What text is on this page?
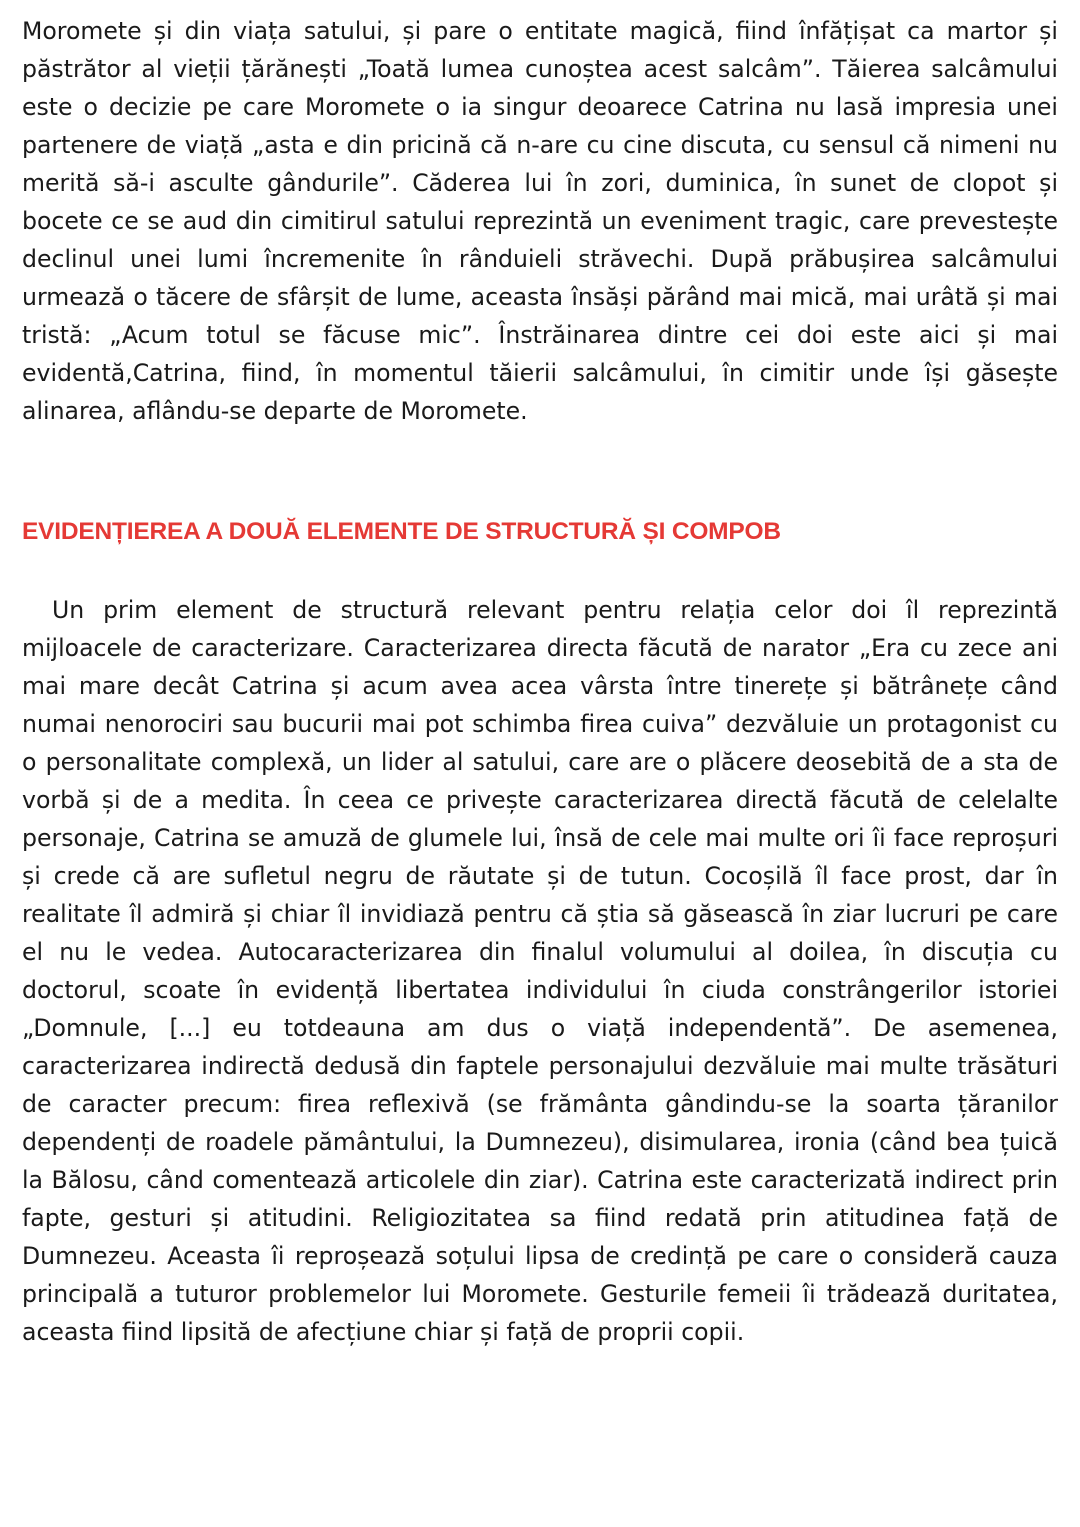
Moromete și din viața satului, și pare o entitate magică, fiind înfățișat ca martor și păstrător al vieții țărănești „Toată lumea cunoștea acest salcâm”. Tăierea salcâmului este o decizie pe care Moromete o ia singur deoarece Catrina nu lasă impresia unei partenere de viață „asta e din pricină că n-are cu cine discuta, cu sensul că nimeni nu merită să-i asculte gândurile”. Căderea lui în zori, duminica, în sunet de clopot și bocete ce se aud din cimitirul satului reprezintă un eveniment tragic, care prevestește declinul unei lumi încremenite în rânduieli străvechi. După prăbușirea salcâmului urmează o tăcere de sfârșit de lume, aceasta însăși părând mai mică, mai urâtă și mai tristă: „Acum totul se făcuse mic”. Înstrăinarea dintre cei doi este aici și mai evidentă,Catrina, fiind, în momentul tăierii salcâmului, în cimitir unde își găsește alinarea, aflându-se departe de Moromete.

EVIDENȚIEREA A DOUĂ ELEMENTE DE STRUCTURĂ ȘI COMPOB

Un prim element de structură relevant pentru relația celor doi îl reprezintă mijloacele de caracterizare. Caracterizarea directa făcută de narator „Era cu zece ani mai mare decât Catrina și acum avea acea vârsta între tinerețe și bătrânețe când numai nenorociri sau bucurii mai pot schimba firea cuiva” dezvăluie un protagonist cu o personalitate complexă, un lider al satului, care are o plăcere deosebită de a sta de vorbă și de a medita. În ceea ce privește caracterizarea directă făcută de celelalte personaje, Catrina se amuză de glumele lui, însă de cele mai multe ori îi face reproșuri și crede că are sufletul negru de răutate și de tutun. Cocoșilă îl face prost, dar în realitate îl admiră și chiar îl invidiază pentru că știa să găsească în ziar lucruri pe care el nu le vedea. Autocaracterizarea din finalul volumului al doilea, în discuția cu doctorul, scoate în evidență libertatea individului în ciuda constrângerilor istoriei „Domnule, [...] eu totdeauna am dus o viață independentă”. De asemenea, caracterizarea indirectă dedusă din faptele personajului dezvăluie mai multe trăsături de caracter precum: firea reflexivă (se frământa gândindu-se la soarta țăranilor dependenți de roadele pământului, la Dumnezeu), disimularea, ironia (când bea țuică la Bălosu, când comentează articolele din ziar). Catrina este caracterizată indirect prin fapte, gesturi și atitudini. Religiozitatea sa fiind redată prin atitudinea față de Dumnezeu. Aceasta îi reproșează soțului lipsa de credință pe care o consideră cauza principală a tuturor problemelor lui Moromete. Gesturile femeii îi trădează duritatea, aceasta fiind lipsită de afecțiune chiar și față de proprii copii.
